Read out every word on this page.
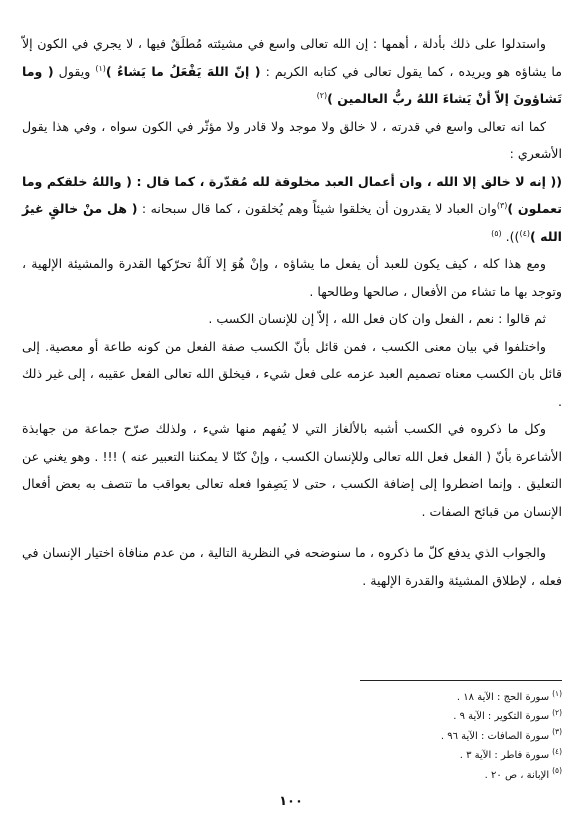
واستدلوا على ذلك بأدلة ، أهمها : إن الله تعالى واسع في مشيئته مُطلَقٌ فيها ، لا يجري في الكون إلاّ ما يشاؤه هو ويريده ، كما يقول تعالى في كتابه الكريم : ( إنّ اللهَ يَفْعَلُ ما يَشاءُ )$^{(١)}$ ويقول ( وما تَشاؤونَ إلاّ أنْ يَشاءَ اللهُ ربُّ العالمين )$^{(٢)}$

كما انه تعالى واسع في قدرته ، لا خالق ولا موجد ولا قادر ولا مؤثّر في الكون سواه ، وفي هذا يقول الأشعري :

(( إنه لا خالق إلا الله ، وان أعمال العبد مخلوقة لله مُقدّرة ، كما قال : ( واللهُ خلقكم وما تعملون )$^{(٣)}$وان العباد لا يقدرون أن يخلقوا شيئاً وهم يُخلقون ، كما قال سبحانه : ( هل منْ خالقٍ غيرُ الله )$^{(٤)}$)). $^{(٥)}$

ومع هذا كله ، كيف يكون للعبد أن يفعل ما يشاؤه ، وإنْ هُوَ إلا آلةٌ تحرّكها القدرة والمشيئة الإلهية ، وتوجد بها ما تشاء من الأفعال ، صالحها وطالحها .

ثم قالوا : نعم ، الفعل وان كان فعل الله ، إلاّ إن للإنسان الكسب .

واختلفوا في بيان معنى الكسب ، فمن قائل بأنّ الكسب صفة الفعل من كونه طاعة أو معصية. إلى قائل بان الكسب معناه تصميم العبد عزمه على فعل شيء ، فيخلق الله تعالى الفعل عقيبه ، إلى غير ذلك .

وكل ما ذكروه في الكسب أشبه بالألغاز التي لا يُفهم منها شيء ، ولذلك صرّح جماعة من جهابذة الأشاعرة بأنّ ( الفعل فعل الله تعالى وللإنسان الكسب ، وإنْ كنّا لا يمكننا التعبير عنه ) !!! . وهو يغني عن التعليق . وإنما اضطروا إلى إضافة الكسب ، حتى لا يَصِفوا فعله تعالى بعواقب ما تتصف به بعض أفعال الإنسان من قبائح الصفات .

والجواب الذي يدفع كلّ ما ذكروه ، ما سنوضحه في النظرية التالية ، من عدم منافاة اختيار الإنسان في فعله ، لإطلاق المشيئة والقدرة الإلهية .

$^{(١)}$سورة الحج : الآية ١٨ .
$^{(٢)}$سورة التكوير : الآية ٩ .
$^{(٣)}$سورة الصافات : الآية ٩٦ .
$^{(٤)}$سورة فاطر : الآية ٣ .
$^{(٥)}$الإبانة ، ص ٢٠ .
١٠٠
